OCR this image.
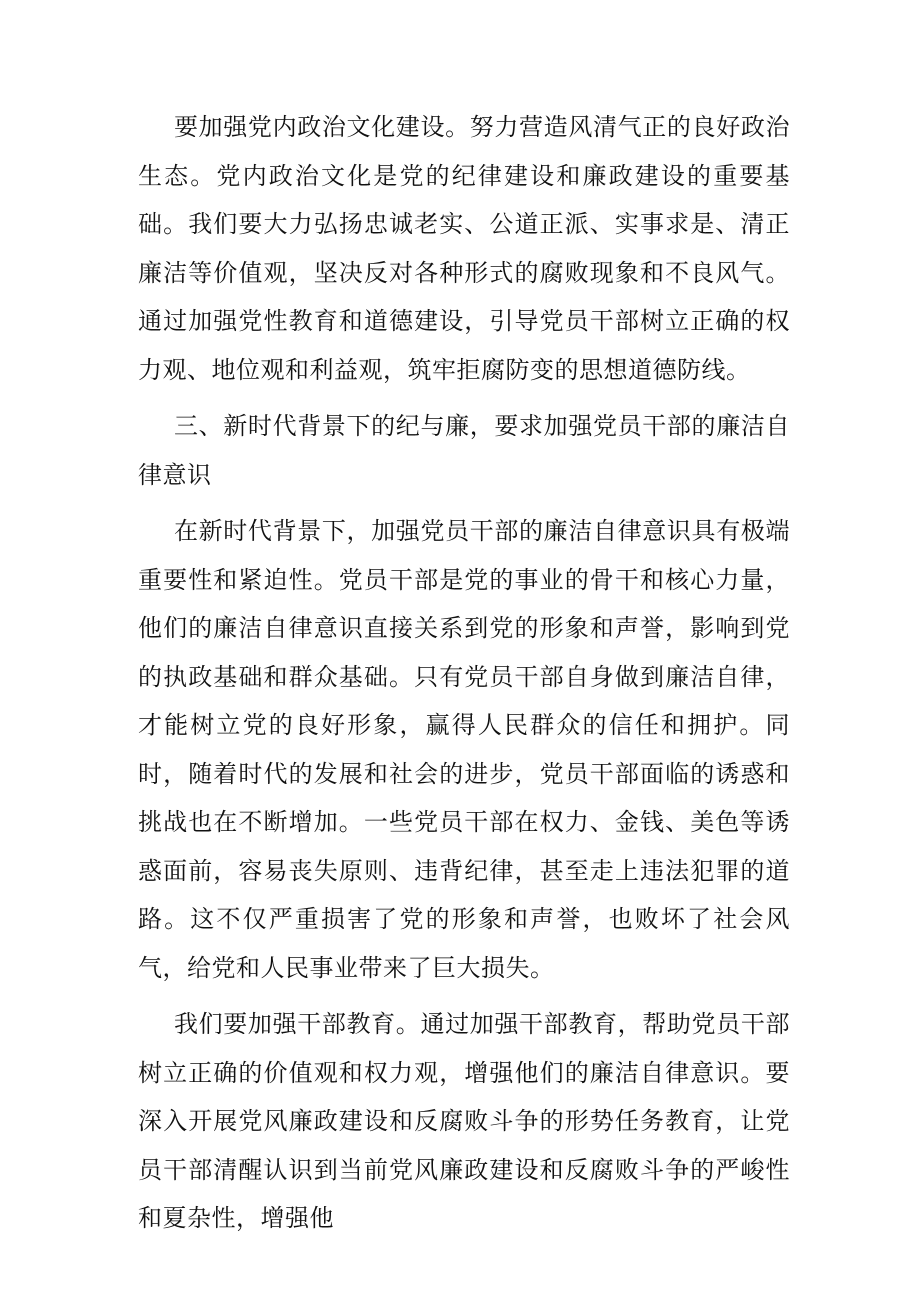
要加强党内政治文化建设。努力营造风清气正的良好政治生态。党内政治文化是党的纪律建设和廉政建设的重要基础。我们要大力弘扬忠诚老实、公道正派、实事求是、清正廉洁等价值观，坚决反对各种形式的腐败现象和不良风气。通过加强党性教育和道德建设，引导党员干部树立正确的权力观、地位观和利益观，筑牢拒腐防变的思想道德防线。

三、新时代背景下的纪与廉，要求加强党员干部的廉洁自律意识

在新时代背景下，加强党员干部的廉洁自律意识具有极端重要性和紧迫性。党员干部是党的事业的骨干和核心力量，他们的廉洁自律意识直接关系到党的形象和声誉，影响到党的执政基础和群众基础。只有党员干部自身做到廉洁自律，才能树立党的良好形象，赢得人民群众的信任和拥护。同时，随着时代的发展和社会的进步，党员干部面临的诱惑和挑战也在不断增加。一些党员干部在权力、金钱、美色等诱惑面前，容易丧失原则、违背纪律，甚至走上违法犯罪的道路。这不仅严重损害了党的形象和声誉，也败坏了社会风气，给党和人民事业带来了巨大损失。

我们要加强干部教育。通过加强干部教育，帮助党员干部树立正确的价值观和权力观，增强他们的廉洁自律意识。要深入开展党风廉政建设和反腐败斗争的形势任务教育，让党员干部清醒认识到当前党风廉政建设和反腐败斗争的严峻性和夏杂性，增强他
